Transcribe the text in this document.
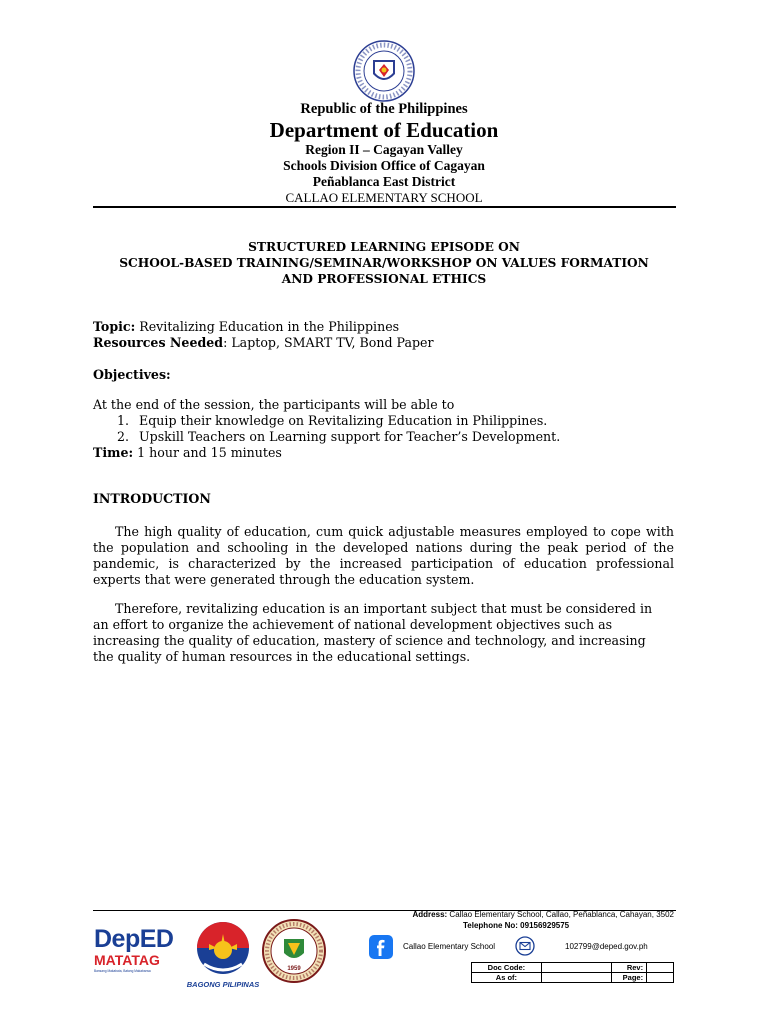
Republic of the Philippines
Department of Education
Region II – Cagayan Valley
Schools Division Office of Cagayan
Peñablanca East District
CALLAO ELEMENTARY SCHOOL
STRUCTURED LEARNING EPISODE ON
SCHOOL-BASED TRAINING/SEMINAR/WORKSHOP ON VALUES FORMATION
AND PROFESSIONAL ETHICS
Topic: Revitalizing Education in the Philippines
Resources Needed: Laptop, SMART TV, Bond Paper
Objectives:
At the end of the session, the participants will be able to
1. Equip their knowledge on Revitalizing Education in Philippines.
2. Upskill Teachers on Learning support for Teacher’s Development.
Time: 1 hour and 15 minutes
INTRODUCTION
The high quality of education, cum quick adjustable measures employed to cope with the population and schooling in the developed nations during the peak period of the pandemic, is characterized by the increased participation of education professional experts that were generated through the education system.
Therefore, revitalizing education is an important subject that must be considered in an effort to organize the achievement of national development objectives such as increasing the quality of education, mastery of science and technology, and increasing the quality of human resources in the educational settings.
DepED
MATATAG
Bansang Makabata, Batang Makabansa
BAGONG PILIPINAS
1959
Address: Callao Elementary School, Callao, Peñablanca, Cahayan, 3502
Telephone No: 09156929575
Callao Elementary School	102799@deped.gov.ph
Doc Code:		Rev:	
As of:		Page:	
